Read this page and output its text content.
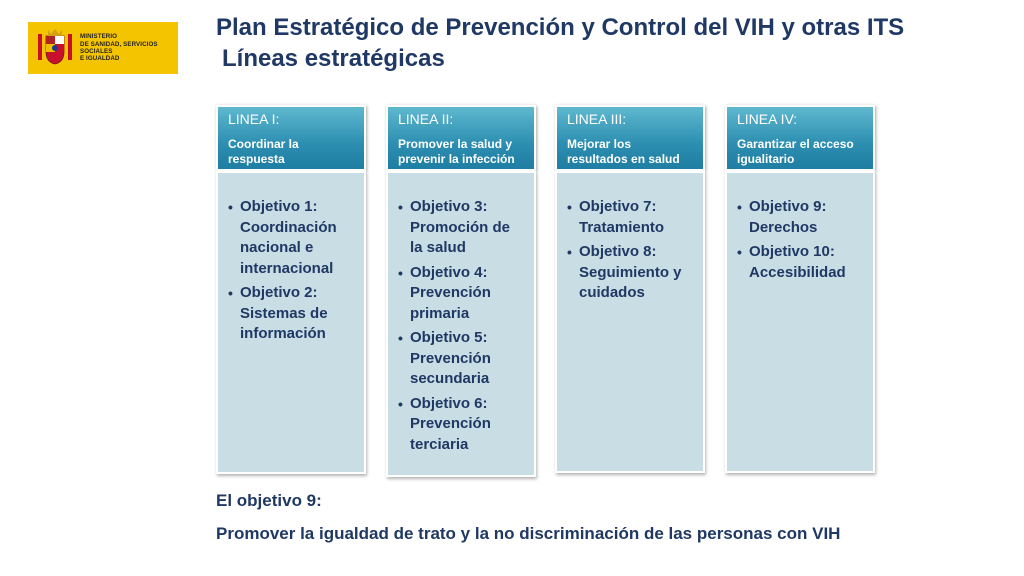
MINISTERIO
DE SANIDAD, SERVICIOS SOCIALES
E IGUALDAD
Plan Estratégico de Prevención y Control del VIH y otras ITS
Líneas estratégicas
LINEA I:
Coordinar la respuesta
• Objetivo 1: Coordinación nacional e internacional
• Objetivo 2: Sistemas de información
LINEA II:
Promover la salud y prevenir la infección
• Objetivo 3: Promoción de la salud
• Objetivo 4: Prevención primaria
• Objetivo 5: Prevención secundaria
• Objetivo 6: Prevención terciaria
LINEA III:
Mejorar los resultados en salud
• Objetivo 7: Tratamiento
• Objetivo 8: Seguimiento y cuidados
LINEA IV:
Garantizar el acceso igualitario
• Objetivo 9: Derechos
• Objetivo 10: Accesibilidad
El objetivo 9:
Promover la igualdad de trato y la no discriminación de las personas con VIH
